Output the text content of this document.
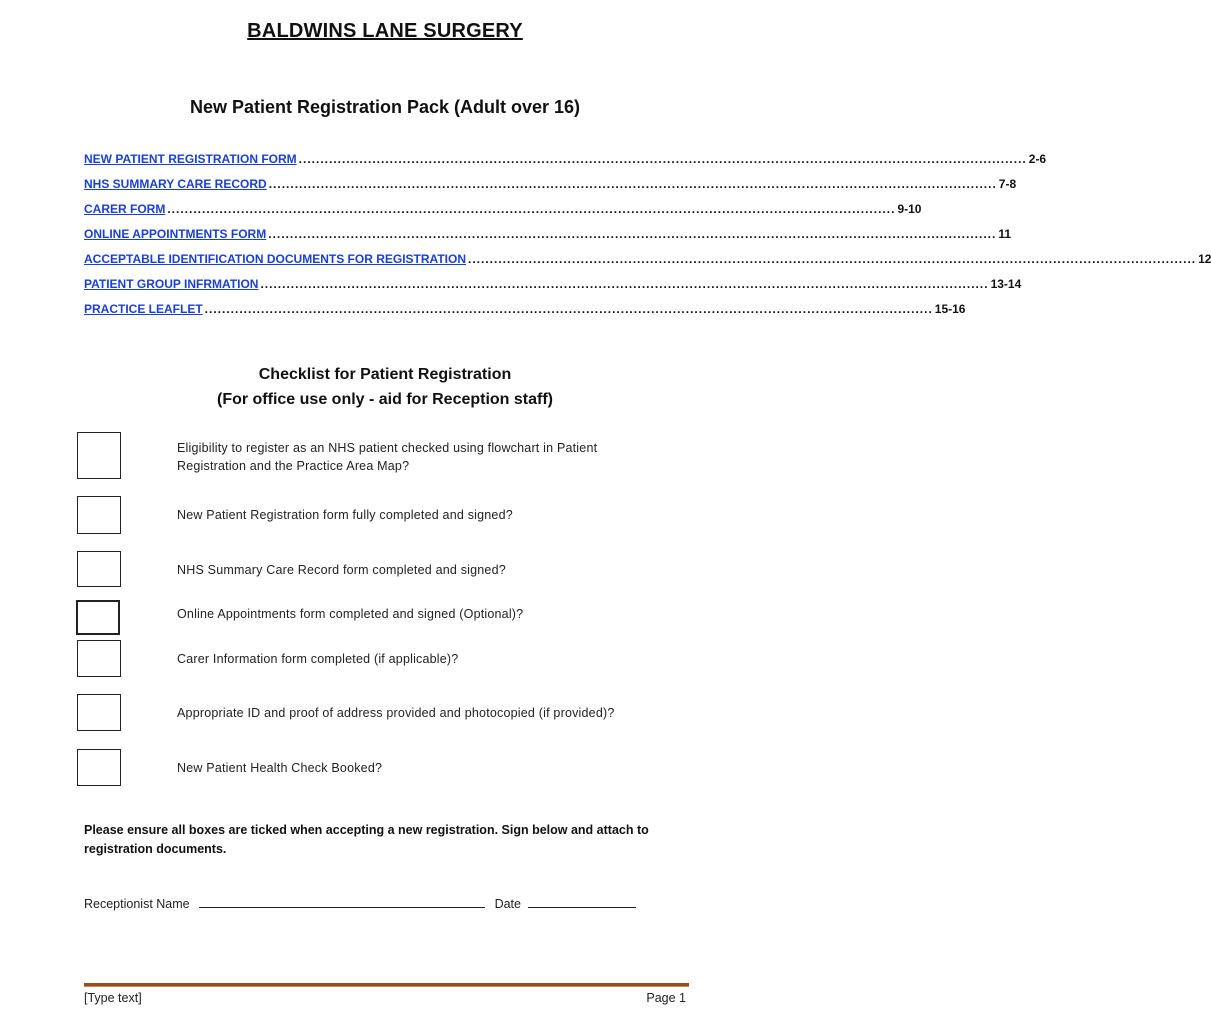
BALDWINS LANE SURGERY
New Patient Registration Pack (Adult over 16)
NEW PATIENT REGISTRATION FORM ........................................................................................................................................................................ 2-6
NHS SUMMARY CARE RECORD ........................................................................................................................................................................ 7-8
CARER FORM ........................................................................................................................................................................ 9-10
ONLINE APPOINTMENTS FORM ........................................................................................................................................................................ 11
ACCEPTABLE IDENTIFICATION DOCUMENTS FOR REGISTRATION ........................................................................................................................................................................ 12
PATIENT GROUP INFRMATION ........................................................................................................................................................................ 13-14
PRACTICE LEAFLET ........................................................................................................................................................................ 15-16
Checklist for Patient Registration
(For office use only - aid for Reception staff)
Eligibility to register as an NHS patient checked using flowchart in Patient Registration and the Practice Area Map?
New Patient Registration form fully completed and signed?
NHS Summary Care Record form completed and signed?
Online Appointments form completed and signed (Optional)?
Carer Information form completed (if applicable)?
Appropriate ID and proof of address provided and photocopied (if provided)?
New Patient Health Check Booked?
Please ensure all boxes are ticked when accepting a new registration. Sign below and attach to registration documents.
Receptionist Name	Date
[Type text]	Page 1
